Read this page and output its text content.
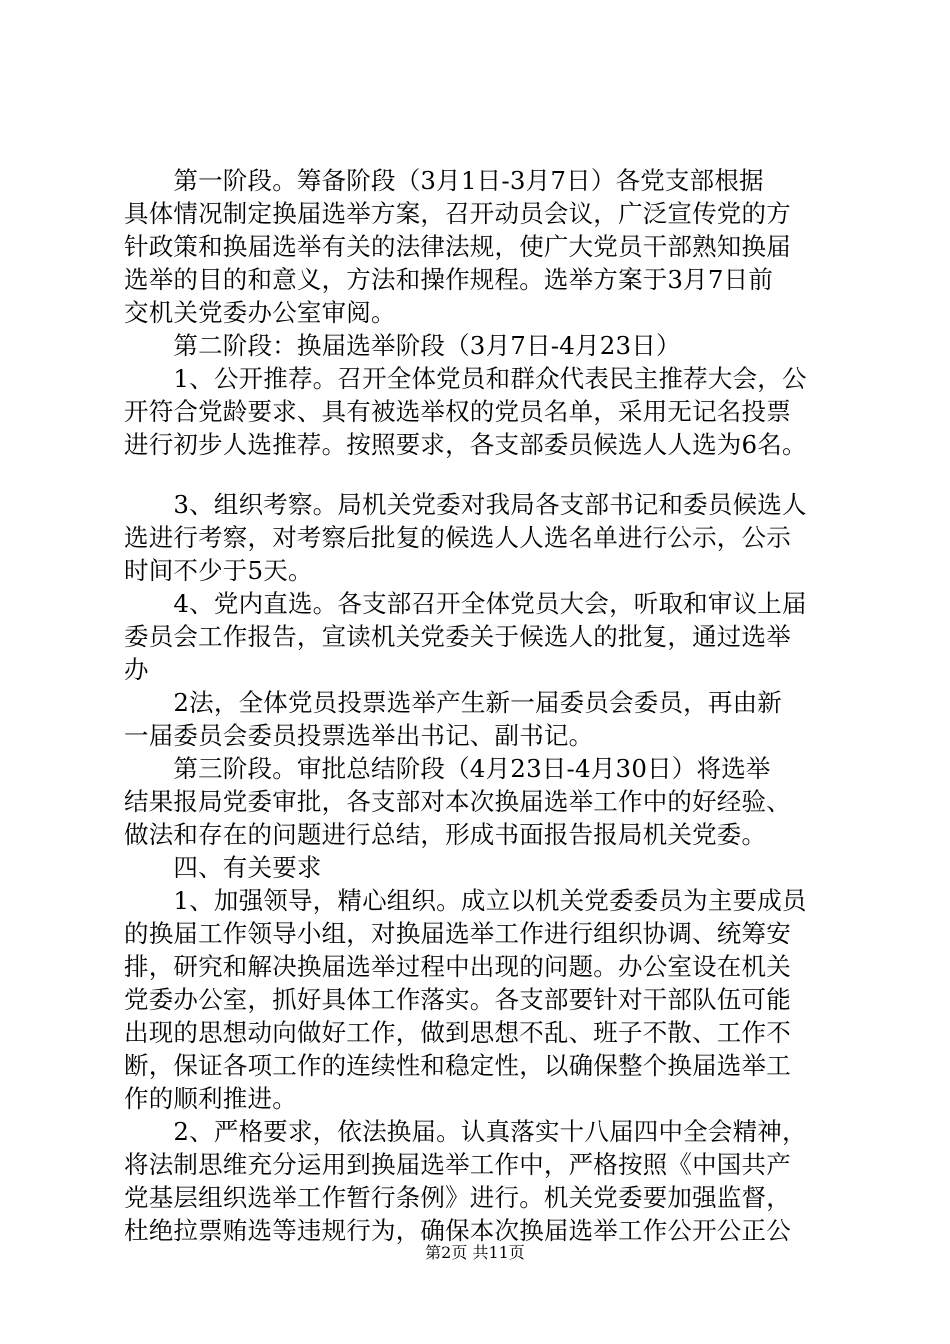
　　第一阶段。筹备阶段（3月1日-3月7日）各党支部根据
具体情况制定换届选举方案，召开动员会议，广泛宣传党的方
针政策和换届选举有关的法律法规，使广大党员干部熟知换届
选举的目的和意义，方法和操作规程。选举方案于3月7日前
交机关党委办公室审阅。
　　第二阶段：换届选举阶段（3月7日-4月23日）
　　1、公开推荐。召开全体党员和群众代表民主推荐大会，公
开符合党龄要求、具有被选举权的党员名单，采用无记名投票
进行初步人选推荐。按照要求，各支部委员候选人人选为6名。
　　3、组织考察。局机关党委对我局各支部书记和委员候选人
选进行考察，对考察后批复的候选人人选名单进行公示，公示
时间不少于5天。
　　4、党内直选。各支部召开全体党员大会，听取和审议上届
委员会工作报告，宣读机关党委关于候选人的批复，通过选举
办
　　2法，全体党员投票选举产生新一届委员会委员，再由新
一届委员会委员投票选举出书记、副书记。
　　第三阶段。审批总结阶段（4月23日-4月30日）将选举
结果报局党委审批，各支部对本次换届选举工作中的好经验、
做法和存在的问题进行总结，形成书面报告报局机关党委。
　　四、有关要求
　　1、加强领导，精心组织。成立以机关党委委员为主要成员
的换届工作领导小组，对换届选举工作进行组织协调、统筹安
排，研究和解决换届选举过程中出现的问题。办公室设在机关
党委办公室，抓好具体工作落实。各支部要针对干部队伍可能
出现的思想动向做好工作，做到思想不乱、班子不散、工作不
断，保证各项工作的连续性和稳定性，以确保整个换届选举工
作的顺利推进。
　　2、严格要求，依法换届。认真落实十八届四中全会精神，
将法制思维充分运用到换届选举工作中，严格按照《中国共产
党基层组织选举工作暂行条例》进行。机关党委要加强监督，
杜绝拉票贿选等违规行为，确保本次换届选举工作公开公正公
第2页 共11页
